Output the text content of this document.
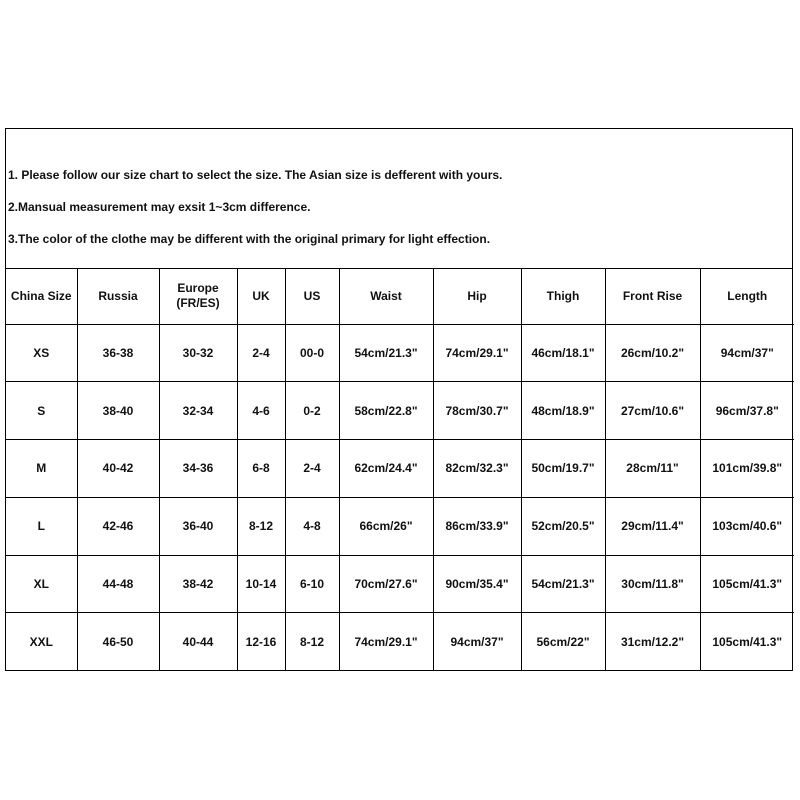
1. Please follow our size chart to select the size. The Asian size is defferent with yours.
2.Mansual measurement may exsit 1~3cm difference.
3.The color of the clothe may be different with the original primary for light effection.
China Size	Russia	Europe
(FR/ES)	UK	US	Waist	Hip	Thigh	Front Rise	Length
XS	36-38	30-32	2-4	00-0	54cm/21.3"	74cm/29.1"	46cm/18.1"	26cm/10.2"	94cm/37"
S	38-40	32-34	4-6	0-2	58cm/22.8"	78cm/30.7"	48cm/18.9"	27cm/10.6"	96cm/37.8"
M	40-42	34-36	6-8	2-4	62cm/24.4"	82cm/32.3"	50cm/19.7"	28cm/11"	101cm/39.8"
L	42-46	36-40	8-12	4-8	66cm/26"	86cm/33.9"	52cm/20.5"	29cm/11.4"	103cm/40.6"
XL	44-48	38-42	10-14	6-10	70cm/27.6"	90cm/35.4"	54cm/21.3"	30cm/11.8"	105cm/41.3"
XXL	46-50	40-44	12-16	8-12	74cm/29.1"	94cm/37"	56cm/22"	31cm/12.2"	105cm/41.3"
